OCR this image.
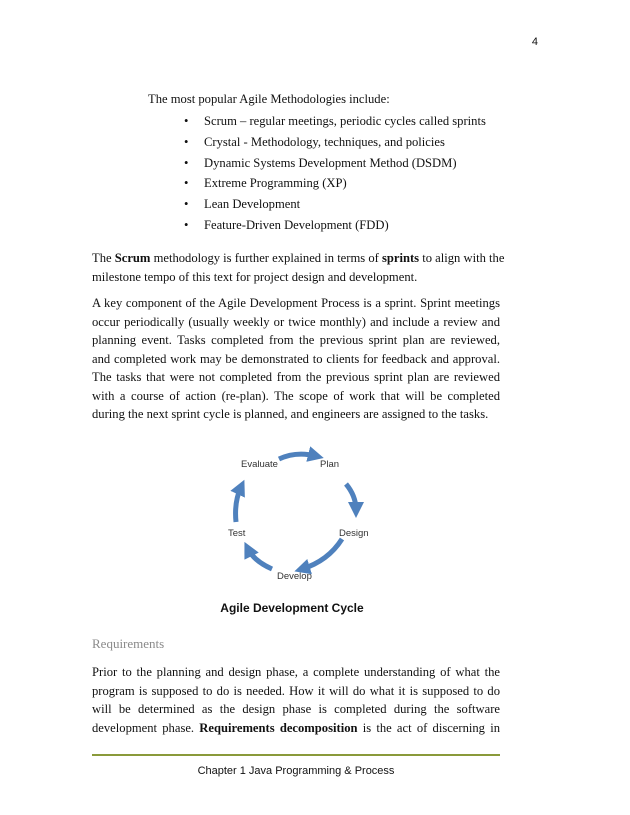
4
The most popular Agile Methodologies include:
• Scrum – regular meetings, periodic cycles called sprints
• Crystal - Methodology, techniques, and policies
• Dynamic Systems Development Method (DSDM)
• Extreme Programming (XP)
• Lean Development
• Feature-Driven Development (FDD)
The Scrum methodology is further explained in terms of sprints to align with the
milestone tempo of this text for project design and development.
A key component of the Agile Development Process is a sprint. Sprint meetings
occur periodically (usually weekly or twice monthly) and include a review and
planning event. Tasks completed from the previous sprint plan are reviewed,
and completed work may be demonstrated to clients for feedback and approval.
The tasks that were not completed from the previous sprint plan are reviewed
with a course of action (re-plan). The scope of work that will be completed
during the next sprint cycle is planned, and engineers are assigned to the tasks.
Plan
Design
Develop
Test
Evaluate
Agile Development Cycle
Requirements
Prior to the planning and design phase, a complete understanding of what the
program is supposed to do is needed. How it will do what it is supposed to do
will be determined as the design phase is completed during the software
development phase. Requirements decomposition is the act of discerning in
Chapter 1 Java Programming & Process
